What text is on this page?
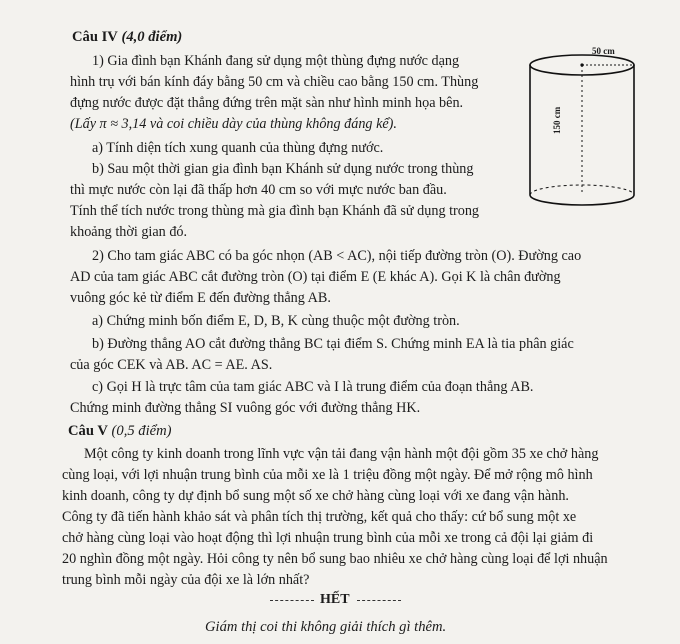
Câu IV (4,0 điểm)
1) Gia đình bạn Khánh đang sử dụng một thùng đựng nước dạng
hình trụ với bán kính đáy bằng 50 cm và chiều cao bằng 150 cm. Thùng
đựng nước được đặt thẳng đứng trên mặt sàn như hình minh họa bên.
(Lấy π ≈ 3,14 và coi chiều dày của thùng không đáng kể).
a) Tính diện tích xung quanh của thùng đựng nước.
b) Sau một thời gian gia đình bạn Khánh sử dụng nước trong thùng
thì mực nước còn lại đã thấp hơn 40 cm so với mực nước ban đầu.
Tính thể tích nước trong thùng mà gia đình bạn Khánh đã sử dụng trong
khoảng thời gian đó.
50 cm
150 cm
2) Cho tam giác ABC có ba góc nhọn (AB < AC), nội tiếp đường tròn (O). Đường cao
AD của tam giác ABC cắt đường tròn (O) tại điểm E (E khác A). Gọi K là chân đường
vuông góc kẻ từ điểm E đến đường thẳng AB.
a) Chứng minh bốn điểm E, D, B, K cùng thuộc một đường tròn.
b) Đường thẳng AO cắt đường thẳng BC tại điểm S. Chứng minh EA là tia phân giác
của góc CEK và AB. AC = AE. AS.
c) Gọi H là trực tâm của tam giác ABC và I là trung điểm của đoạn thẳng AB.
Chứng minh đường thẳng SI vuông góc với đường thẳng HK.
Câu V (0,5 điểm)
Một công ty kinh doanh trong lĩnh vực vận tải đang vận hành một đội gồm 35 xe chở hàng
cùng loại, với lợi nhuận trung bình của mỗi xe là 1 triệu đồng một ngày. Để mở rộng mô hình
kinh doanh, công ty dự định bổ sung một số xe chở hàng cùng loại với xe đang vận hành.
Công ty đã tiến hành khảo sát và phân tích thị trường, kết quả cho thấy: cứ bổ sung một xe
chở hàng cùng loại vào hoạt động thì lợi nhuận trung bình của mỗi xe trong cả đội lại giảm đi
20 nghìn đồng một ngày. Hỏi công ty nên bổ sung bao nhiêu xe chở hàng cùng loại để lợi nhuận
trung bình mỗi ngày của đội xe là lớn nhất?
HẾT
Giám thị coi thi không giải thích gì thêm.
